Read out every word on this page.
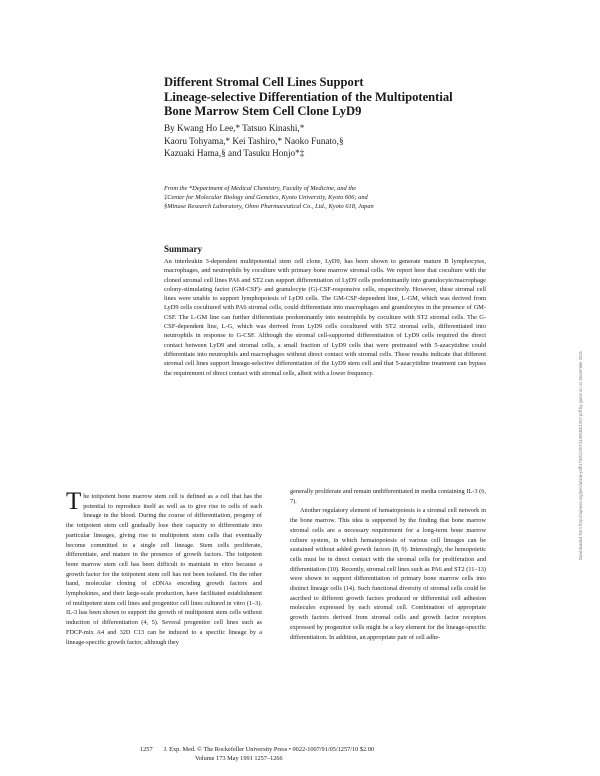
Different Stromal Cell Lines Support
Lineage-selective Differentiation of the Multipotential
Bone Marrow Stem Cell Clone LyD9
By Kwang Ho Lee,* Tatsuo Kinashi,*
Kaoru Tohyama,* Kei Tashiro,* Naoko Funato,§
Kazuaki Hama,§ and Tasuku Honjo*‡
From the *Department of Medical Chemistry, Faculty of Medicine, and the
‡Center for Molecular Biology and Genetics, Kyoto University, Kyoto 606; and
§Minase Research Laboratory, Ohno Pharmaceutical Co., Ltd., Kyoto 618, Japan
Summary
An interleukin 3-dependent multipotential stem cell clone, LyD9, has been shown to generate mature B lymphocytes, macrophages, and neutrophils by coculture with primary bone marrow stromal cells. We report here that coculture with the cloned stromal cell lines PA6 and ST2 can support differentiation of LyD9 cells predominantly into granulocyte/macrophage colony-stimulating factor (GM-CSF)- and granulocyte (G)-CSF-responsive cells, respectively. However, these stromal cell lines were unable to support lymphopoiesis of LyD9 cells. The GM-CSF-dependent line, L-GM, which was derived from LyD9 cells cocultured with PA6 stromal cells, could differentiate into macrophages and granulocytes in the presence of GM-CSF. The L-GM line can further differentiate predominantly into neutrophils by coculture with ST2 stromal cells. The G-CSF-dependent line, L-G, which was derived from LyD9 cells cocultured with ST2 stromal cells, differentiated into neutrophils in response to G-CSF. Although the stromal cell-supported differentiation of LyD9 cells required the direct contact between LyD9 and stromal cells, a small fraction of LyD9 cells that were pretreated with 5-azacytidine could differentiate into neutrophils and macrophages without direct contact with stromal cells. These results indicate that different stromal cell lines support lineage-selective differentiation of the LyD9 stem cell and that 5-azacytidine treatment can bypass the requirement of direct contact with stromal cells, albeit with a lower frequency.
T he totipotent bone marrow stem cell is defined as a cell that has the potential to reproduce itself as well as to give rise to cells of each lineage in the blood. During the course of differentiation, progeny of the totipotent stem cell gradually lose their capacity to differentiate into particular lineages, giving rise to multipotent stem cells that eventually become committed to a single cell lineage. Stem cells proliferate, differentiate, and mature in the presence of growth factors. The totipotent bone marrow stem cell has been difficult to maintain in vitro because a growth factor for the totipotent stem cell has not been isolated. On the other hand, molecular cloning of cDNAs encoding growth factors and lymphokines, and their large-scale production, have facilitated establishment of multipotent stem cell lines and progenitor cell lines cultured in vitro (1–3). IL-3 has been shown to support the growth of multipotent stem cells without induction of differentiation (4, 5). Several progenitor cell lines such as FDCP-mix A4 and 32D C13 can be induced to a specific lineage by a lineage-specific growth factor, although they

generally proliferate and remain undifferentiated in media containing IL-3 (6, 7).

Another regulatory element of hematopoiesis is a stromal cell network in the bone marrow. This idea is supported by the finding that bone marrow stromal cells are a necessary requirement for a long-term bone marrow culture system, in which hematopoiesis of various cell lineages can be sustained without added growth factors (8, 9). Interestingly, the hemopoietic cells must be in direct contact with the stromal cells for proliferation and differentiation (10). Recently, stromal cell lines such as PA6 and ST2 (11–13) were shown to support differentiation of primary bone marrow cells into distinct lineage cells (14). Such functional diversity of stromal cells could be ascribed to different growth factors produced or differential cell adhesion molecules expressed by each stromal cell. Combination of appropriate growth factors derived from stromal cells and growth factor receptors expressed by progenitor cells might be a key element for the lineage-specific differentiation. In addition, an appropriate pair of cell adhe-

Downloaded from http://rupress.org/jem/article-pdf/173/5/1257/1100683/1257.pdf by guest on 11 December 2021
1257 J. Exp. Med. © The Rockefeller University Press • 0022-1007/91/05/1257/10 $2.00
Volume 173 May 1991 1257–1266
